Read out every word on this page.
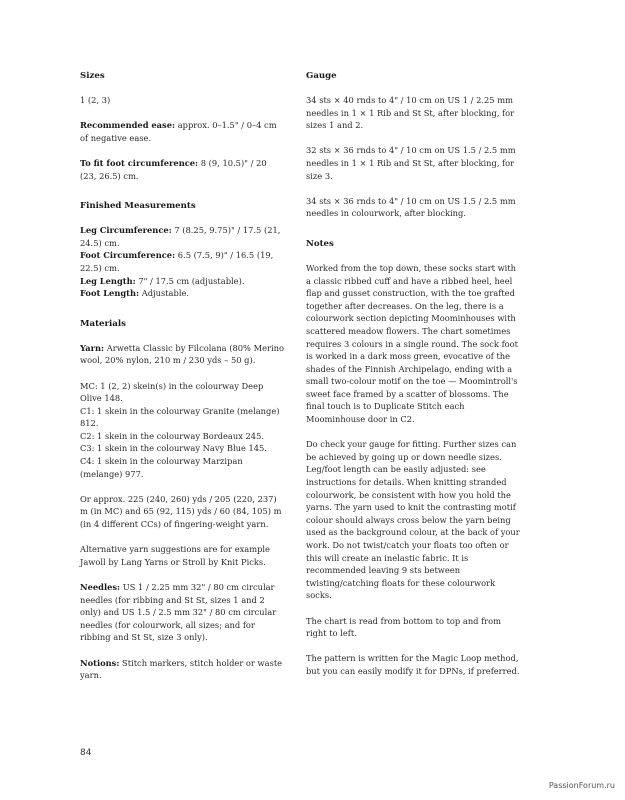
Sizes

1 (2, 3)

Recommended ease: approx. 0–1.5" / 0–4 cm of negative ease.

To fit foot circumference: 8 (9, 10.5)" / 20 (23, 26.5) cm.

Finished Measurements

Leg Circumference: 7 (8.25, 9.75)" / 17.5 (21, 24.5) cm.
Foot Circumference: 6.5 (7.5, 9)" / 16.5 (19, 22.5) cm.
Leg Length: 7" / 17.5 cm (adjustable).
Foot Length: Adjustable.

Materials

Yarn: Arwetta Classic by Filcolana (80% Merino wool, 20% nylon, 210 m / 230 yds – 50 g).

MC: 1 (2, 2) skein(s) in the colourway Deep Olive 148.
C1: 1 skein in the colourway Granite (melange) 812.
C2: 1 skein in the colourway Bordeaux 245.
C3: 1 skein in the colourway Navy Blue 145.
C4: 1 skein in the colourway Marzipan (melange) 977.

Or approx. 225 (240, 260) yds / 205 (220, 237) m (in MC) and 65 (92, 115) yds / 60 (84, 105) m (in 4 different CCs) of fingering-weight yarn.

Alternative yarn suggestions are for example Jawoll by Lang Yarns or Stroll by Knit Picks.

Needles: US 1 / 2.25 mm 32" / 80 cm circular needles (for ribbing and St St, sizes 1 and 2 only) and US 1.5 / 2.5 mm 32" / 80 cm circular needles (for colourwork, all sizes; and for ribbing and St St, size 3 only).

Notions: Stitch markers, stitch holder or waste yarn.

Gauge

34 sts × 40 rnds to 4" / 10 cm on US 1 / 2.25 mm needles in 1 × 1 Rib and St St, after blocking, for sizes 1 and 2.

32 sts × 36 rnds to 4" / 10 cm on US 1.5 / 2.5 mm needles in 1 × 1 Rib and St St, after blocking, for size 3.

34 sts × 36 rnds to 4" / 10 cm on US 1.5 / 2.5 mm needles in colourwork, after blocking.

Notes

Worked from the top down, these socks start with a classic ribbed cuff and have a ribbed heel, heel flap and gusset construction, with the toe grafted together after decreases. On the leg, there is a colourwork section depicting Moominhouses with scattered meadow flowers. The chart sometimes requires 3 colours in a single round. The sock foot is worked in a dark moss green, evocative of the shades of the Finnish Archipelago, ending with a small two-colour motif on the toe — Moomintroll's sweet face framed by a scatter of blossoms. The final touch is to Duplicate Stitch each Moominhouse door in C2.

Do check your gauge for fitting. Further sizes can be achieved by going up or down needle sizes. Leg/foot length can be easily adjusted: see instructions for details. When knitting stranded colourwork, be consistent with how you hold the yarns. The yarn used to knit the contrasting motif colour should always cross below the yarn being used as the background colour, at the back of your work. Do not twist/catch your floats too often or this will create an inelastic fabric. It is recommended leaving 9 sts between twisting/catching floats for these colourwork socks.

The chart is read from bottom to top and from right to left.

The pattern is written for the Magic Loop method, but you can easily modify it for DPNs, if preferred.

84
PassionForum.ru
